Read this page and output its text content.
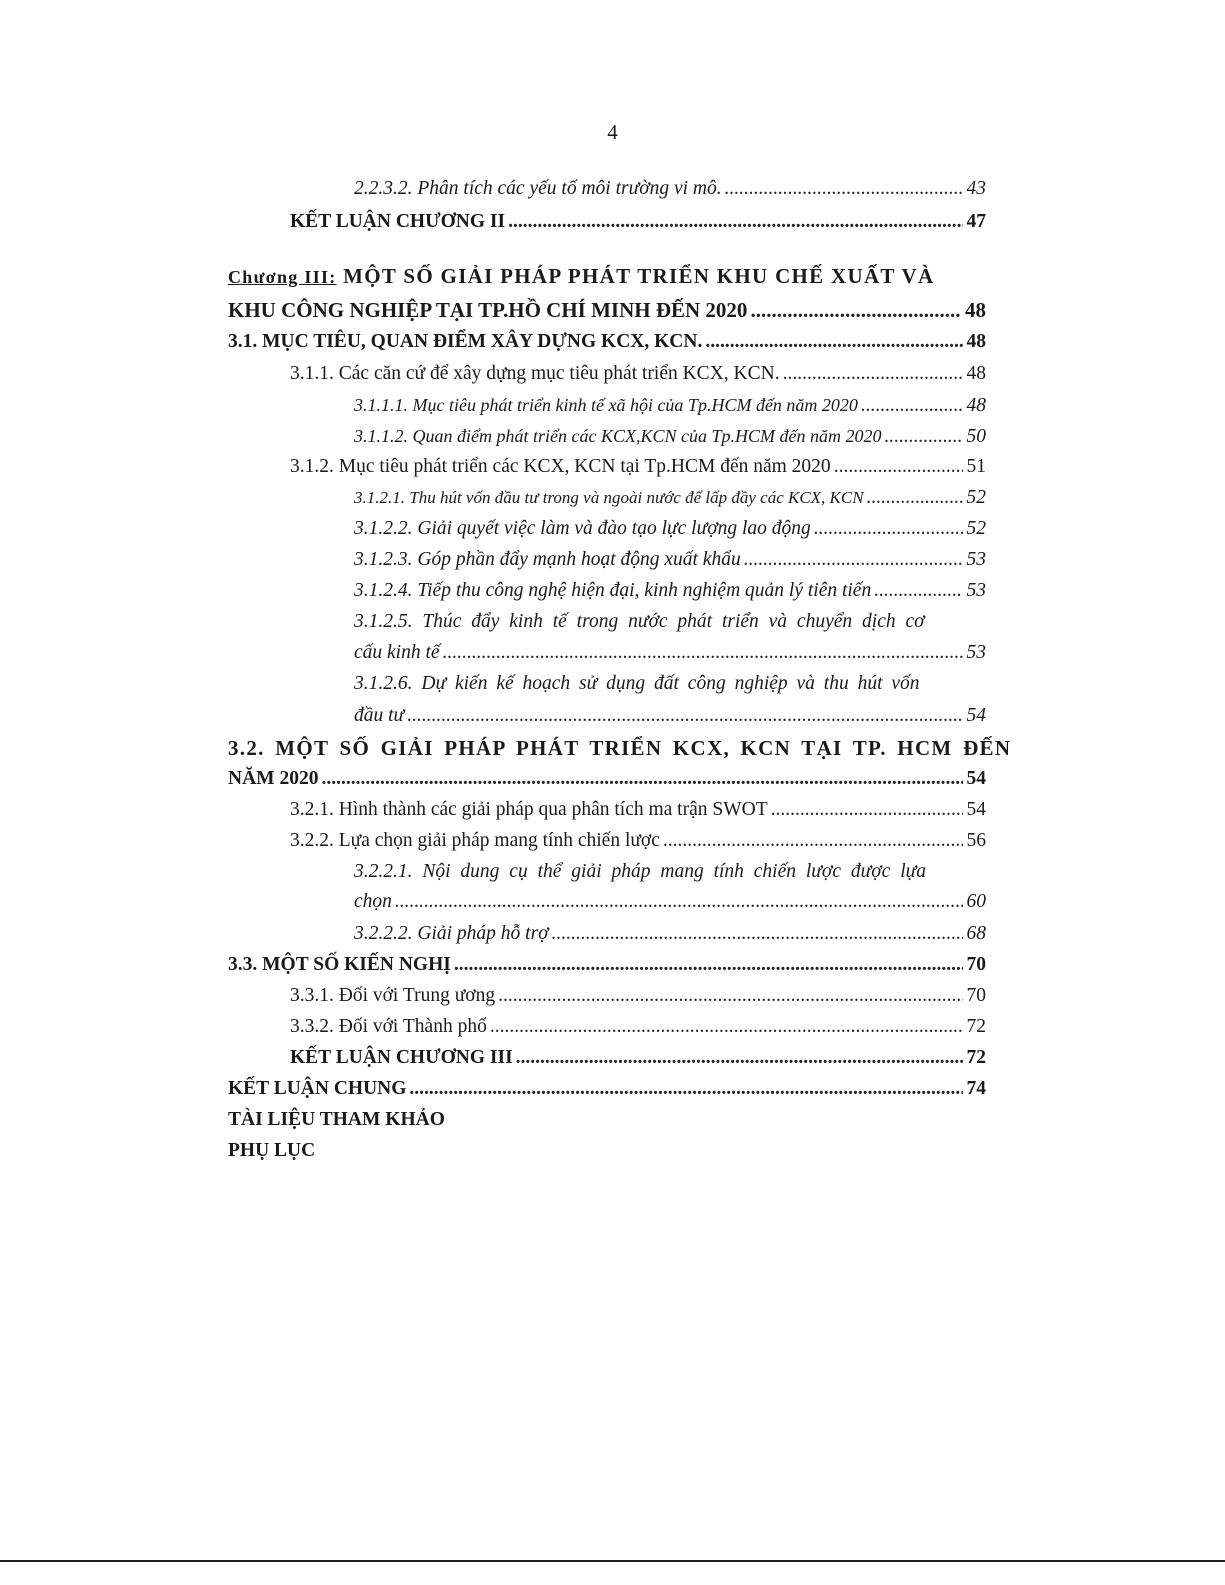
4
2.2.3.2. Phân tích các yếu tố môi trường vi mô. .....	43
KẾT LUẬN CHƯƠNG II .....	47
Chương III: MỘT SỐ GIẢI PHÁP PHÁT TRIỂN KHU CHẾ XUẤT VÀ
KHU CÔNG NGHIỆP TẠI TP.HỒ CHÍ MINH ĐẾN 2020 .....	48
3.1. MỤC TIÊU, QUAN ĐIỂM XÂY DỰNG KCX, KCN. .....	48
3.1.1. Các căn cứ để xây dựng mục tiêu phát triển KCX, KCN. .....	48
3.1.1.1. Mục tiêu phát triển kinh tế xã hội của Tp.HCM đến năm 2020 .....	48
3.1.1.2. Quan điểm phát triển các KCX,KCN của Tp.HCM đến năm 2020 .....	50
3.1.2. Mục tiêu phát triển các KCX, KCN tại Tp.HCM đến năm 2020 .....	51
3.1.2.1. Thu hút vốn đầu tư trong và ngoài nước để lấp đầy các KCX, KCN .....	52
3.1.2.2. Giải quyết việc làm và đào tạo lực lượng lao động .....	52
3.1.2.3. Góp phần đẩy mạnh hoạt động xuất khẩu .....	53
3.1.2.4. Tiếp thu công nghệ hiện đại, kinh nghiệm quản lý tiên tiến .....	53
3.1.2.5. Thúc đẩy kinh tế trong nước phát triển và chuyển dịch cơ
cấu kinh tế .....	53
3.1.2.6. Dự kiến kế hoạch sử dụng đất công nghiệp và thu hút vốn
đầu tư .....	54
3.2. MỘT SỐ GIẢI PHÁP PHÁT TRIỂN KCX, KCN TẠI TP. HCM ĐẾN
NĂM 2020 .....	54
3.2.1. Hình thành các giải pháp qua phân tích ma trận SWOT .....	54
3.2.2. Lựa chọn giải pháp mang tính chiến lược .....	56
3.2.2.1. Nội dung cụ thể giải pháp mang tính chiến lược được lựa
chọn .....	60
3.2.2.2. Giải pháp hỗ trợ .....	68
3.3. MỘT SỐ KIẾN NGHỊ .....	70
3.3.1. Đối với Trung ương .....	70
3.3.2. Đối với Thành phố .....	72
KẾT LUẬN CHƯƠNG III .....	72
KẾT LUẬN CHUNG .....	74
TÀI LIỆU THAM KHẢO
PHỤ LỤC
